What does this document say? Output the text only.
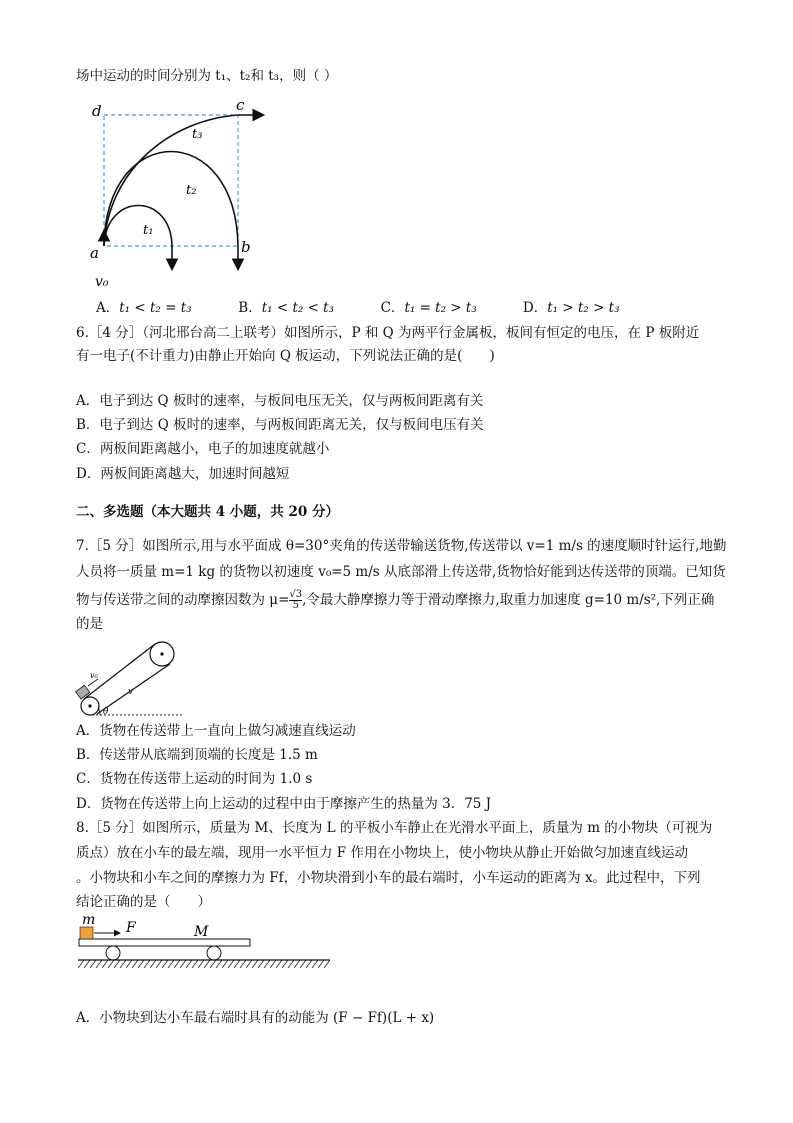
场中运动的时间分别为 t₁、t₂和 t₃，则（ ）
d	c
a	b
v₀
t₁
t₂
t₃
A．t₁ < t₂ = t₃	B．t₁ < t₂ < t₃	C．t₁ = t₂ > t₃	D．t₁ > t₂ > t₃
6.［4 分］（河北邢台高二上联考）如图所示，P 和 Q 为两平行金属板，板间有恒定的电压，在 P 板附近
有一电子(不计重力)由静止开始向 Q 板运动，下列说法正确的是(　　)
A．电子到达 Q 板时的速率，与板间电压无关，仅与两板间距离有关
B．电子到达 Q 板时的速率，与两板间距离无关，仅与板间电压有关
C．两板间距离越小，电子的加速度就越小
D．两板间距离越大，加速时间越短
二、多选题（本大题共 4 小题，共 20 分）
7.［5 分］如图所示,用与水平面成 θ=30°夹角的传送带输送货物,传送带以 v=1 m/s 的速度顺时针运行,地勤
人员将一质量 m=1 kg 的货物以初速度 v₀=5 m/s 从底部滑上传送带,货物恰好能到达传送带的顶端。已知货
物与传送带之间的动摩擦因数为 $\mu= \frac{√3}{5}$ ,令最大静摩擦力等于滑动摩擦力,取重力加速度 g=10 m/s²,下列正确
的是
v₀
v
θ
A．货物在传送带上一直向上做匀减速直线运动
B．传送带从底端到顶端的长度是 1.5 m
C．货物在传送带上运动的时间为 1.0 s
D．货物在传送带上向上运动的过程中由于摩擦产生的热量为 3．75 J
8.［5 分］如图所示，质量为 M、长度为 L 的平板小车静止在光滑水平面上，质量为 m 的小物块（可视为
质点）放在小车的最左端，现用一水平恒力 F 作用在小物块上，使小物块从静止开始做匀加速直线运动
。小物块和小车之间的摩擦力为 Ff，小物块滑到小车的最右端时，小车运动的距离为 x。此过程中，下列
结论正确的是（　　）
m F	M
A．小物块到达小车最右端时具有的动能为 (F − Ff)(L + x)
